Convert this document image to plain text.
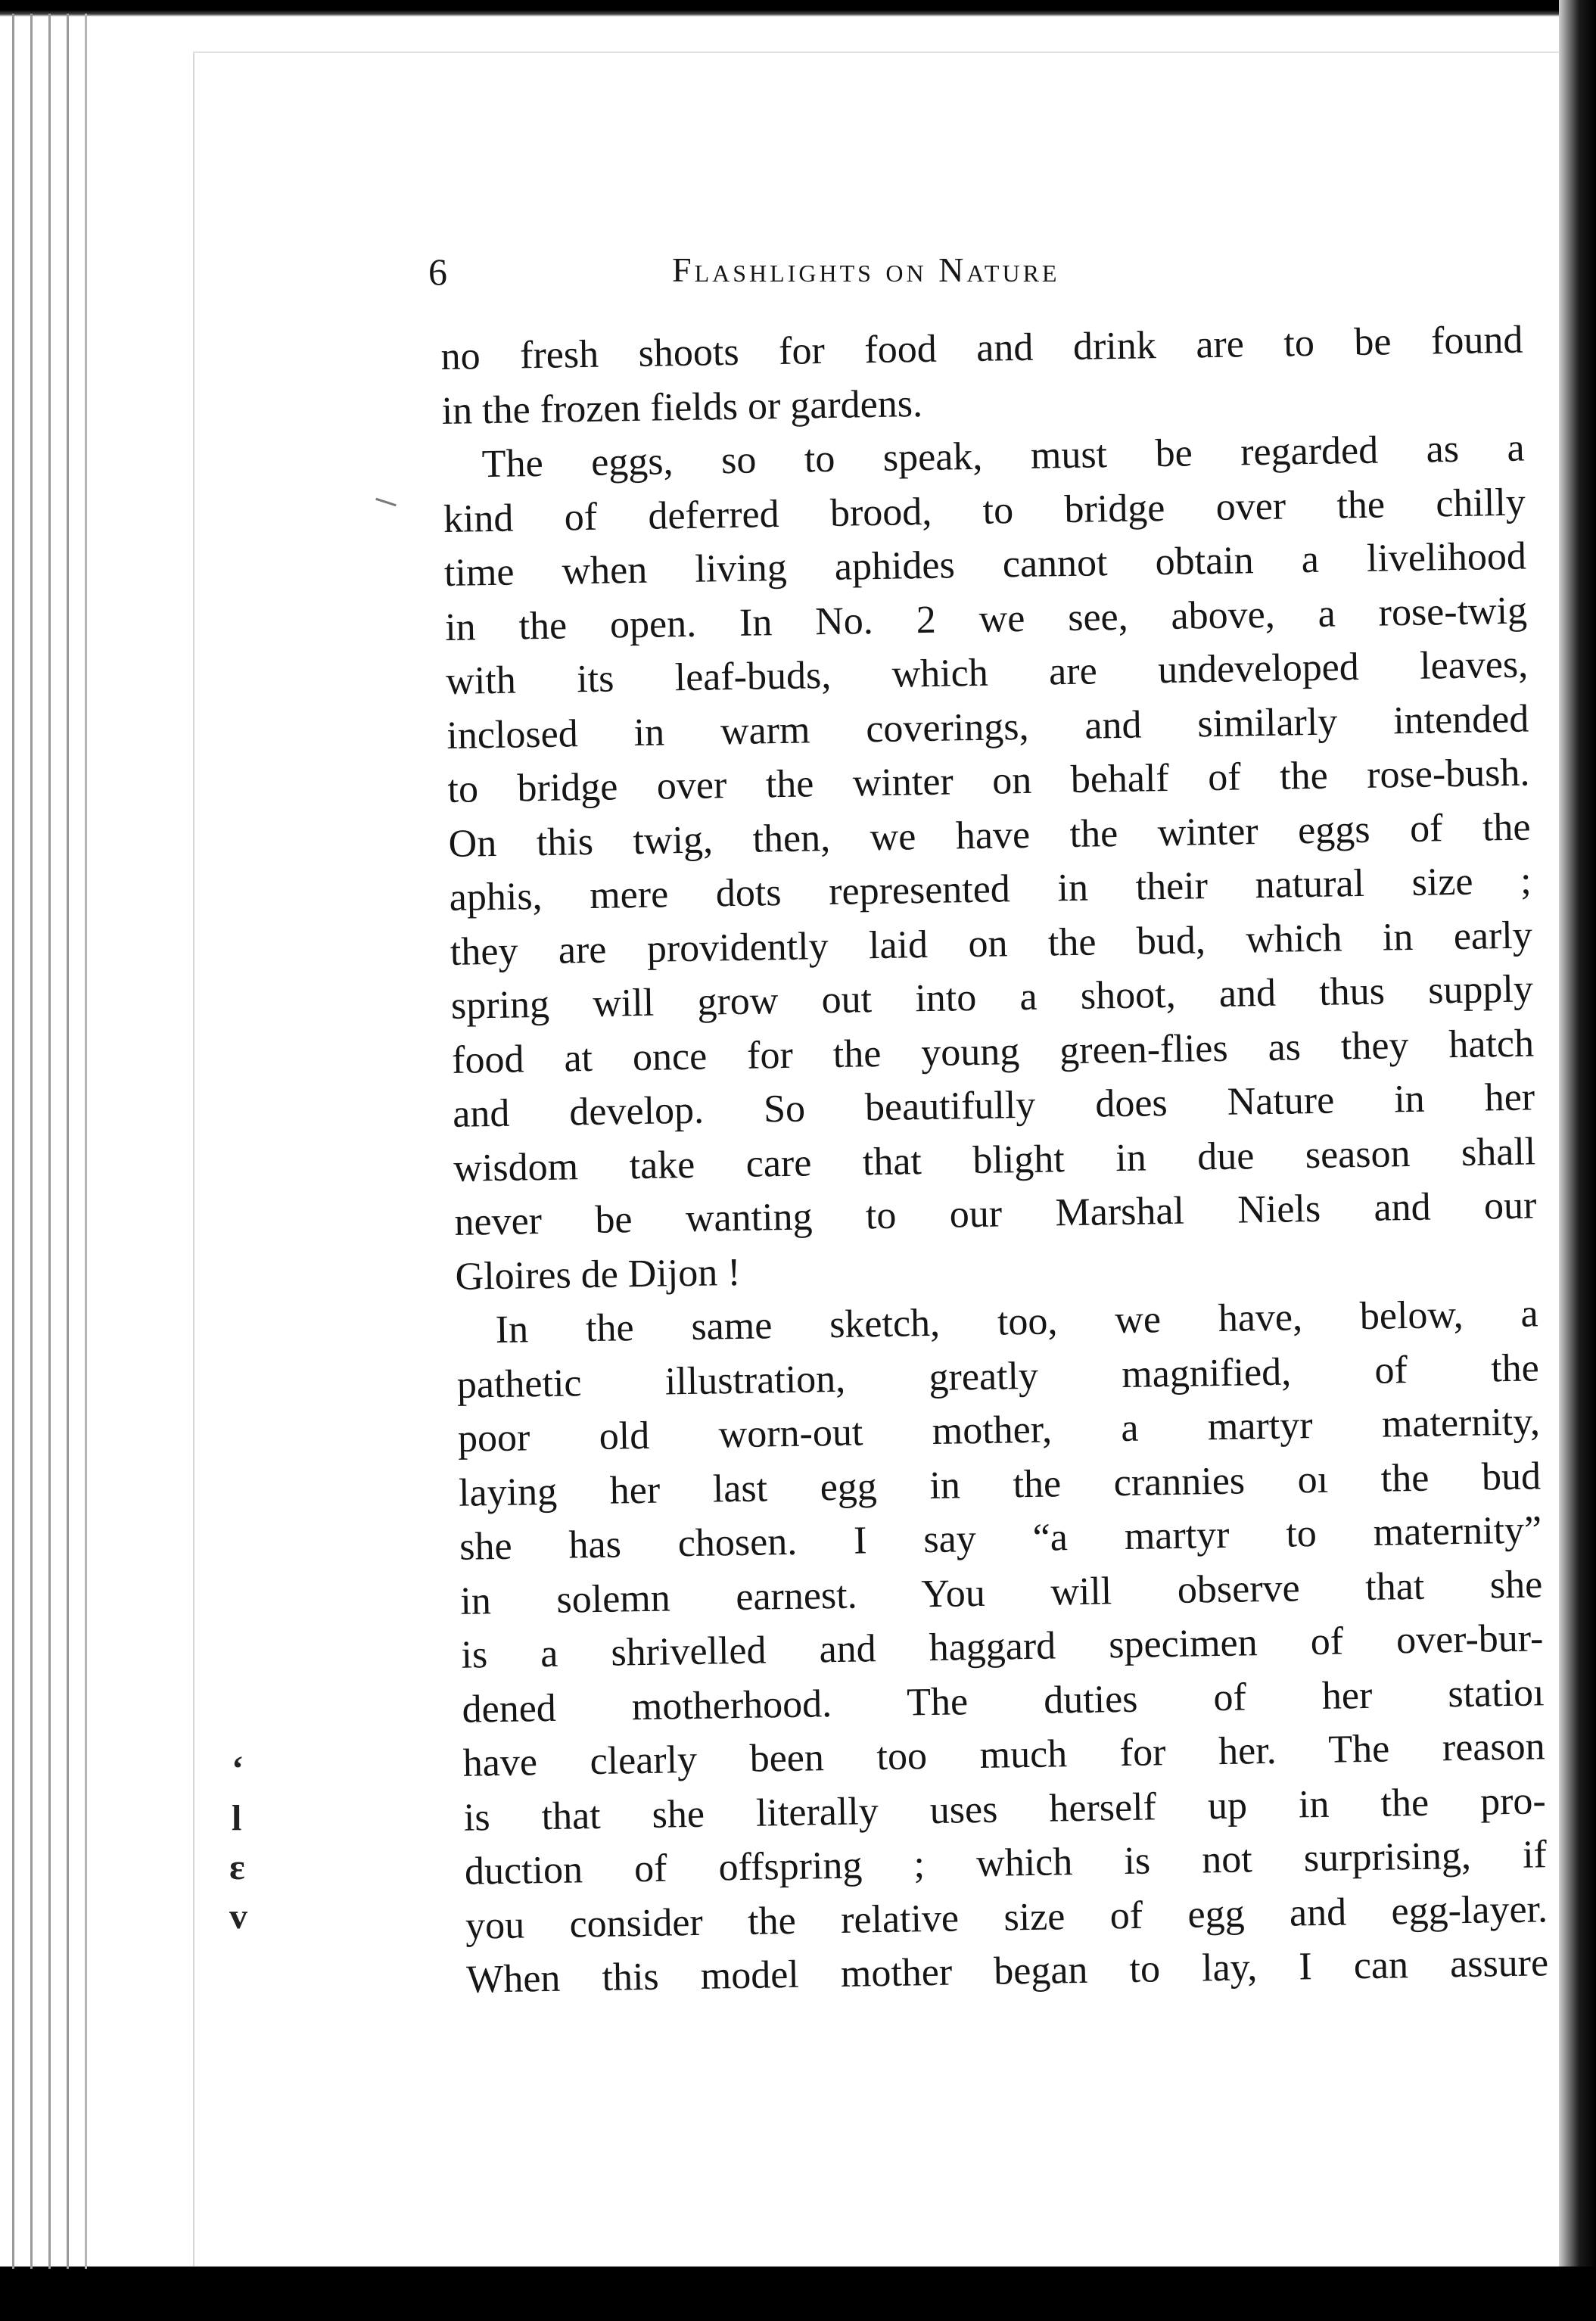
‘
l
ɛ
v
6	Flashlights on Nature
no fresh shoots for food and drink are to be found
in the frozen fields or gardens.
The eggs, so to speak, must be regarded as a
kind of deferred brood, to bridge over the chilly
time when living aphides cannot obtain a livelihood
in the open. In No. 2 we see, above, a rose-twig
with its leaf-buds, which are undeveloped leaves,
inclosed in warm coverings, and similarly intended
to bridge over the winter on behalf of the rose-bush.
On this twig, then, we have the winter eggs of the
aphis, mere dots represented in their natural size ;
they are providently laid on the bud, which in early
spring will grow out into a shoot, and thus supply
food at once for the young green-flies as they hatch
and develop. So beautifully does Nature in her
wisdom take care that blight in due season shall
never be wanting to our Marshal Niels and our
Gloires de Dijon !
In the same sketch, too, we have, below, a
pathetic illustration, greatly magnified, of the
poor old worn-out mother, a martyr maternity,
laying her last egg in the crannies oı the bud
she has chosen. I say “a martyr to maternity”
in solemn earnest. You will observe that she
is a shrivelled and haggard specimen of over-bur-
dened motherhood. The duties of her statioı
have clearly been too much for her. The reason
is that she literally uses herself up in the pro-
duction of offspring ; which is not surprising, if
you consider the relative size of egg and egg-layer.
When this model mother began to lay, I can assure
